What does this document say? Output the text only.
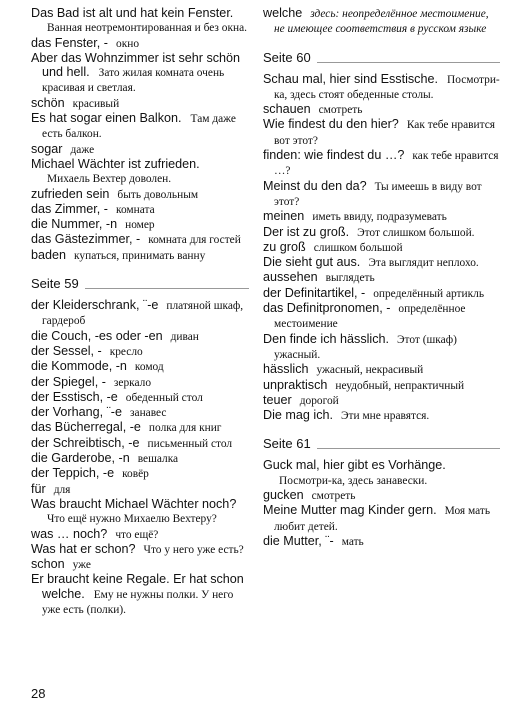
Das Bad ist alt und hat kein Fenster. Ванная неотремонтированная и без окна.

das Fenster, - окно

Aber das Wohnzimmer ist sehr schön und hell. Зато жилая комната очень красивая и светлая.

schön красивый

Es hat sogar einen Balkon. Там даже есть балкон.

sogar даже

Michael Wächter ist zufrieden. Михаель Вехтер доволен.

zufrieden sein быть довольным

das Zimmer, - комната

die Nummer, -n номер

das Gästezimmer, - комната для гостей

baden купаться, принимать ванну

Seite 59

der Kleiderschrank, ¨-e платяной шкаф, гардероб

die Couch, -es oder -en диван

der Sessel, - кресло

die Kommode, -n комод

der Spiegel, - зеркало

der Esstisch, -e обеденный стол

der Vorhang, ¨-e занавес

das Bücherregal, -e полка для книг

der Schreibtisch, -e письменный стол

die Garderobe, -n вешалка

der Teppich, -e ковёр

für для

Was braucht Michael Wächter noch? Что ещё нужно Михаелю Вехтеру?

was … noch? что ещё?

Was hat er schon? Что у него уже есть?

schon уже

Er braucht keine Regale. Er hat schon welche. Ему не нужны полки. У него уже есть (полки).

welche здесь: неопределённое местоимение, не имеющее соответствия в русском языке

Seite 60

Schau mal, hier sind Esstische. Посмотри-ка, здесь стоят обеденные столы.

schauen смотреть

Wie findest du den hier? Как тебе нравится вот этот?

finden: wie findest du …? как тебе нравится …?

Meinst du den da? Ты имеешь в виду вот этот?

meinen иметь ввиду, подразумевать

Der ist zu groß. Этот слишком большой.

zu groß слишком большой

Die sieht gut aus. Эта выглядит неплохо.

aussehen выглядеть

der Definitartikel, - определённый артикль

das Definitpronomen, - определённое местоимение

Den finde ich hässlich. Этот (шкаф) ужасный.

hässlich ужасный, некрасивый

unpraktisch неудобный, непрактичный

teuer дорогой

Die mag ich. Эти мне нравятся.

Seite 61

Guck mal, hier gibt es Vorhänge. Посмотри-ка, здесь занавески.

gucken смотреть

Meine Mutter mag Kinder gern. Моя мать любит детей.

die Mutter, ¨- мать

28
